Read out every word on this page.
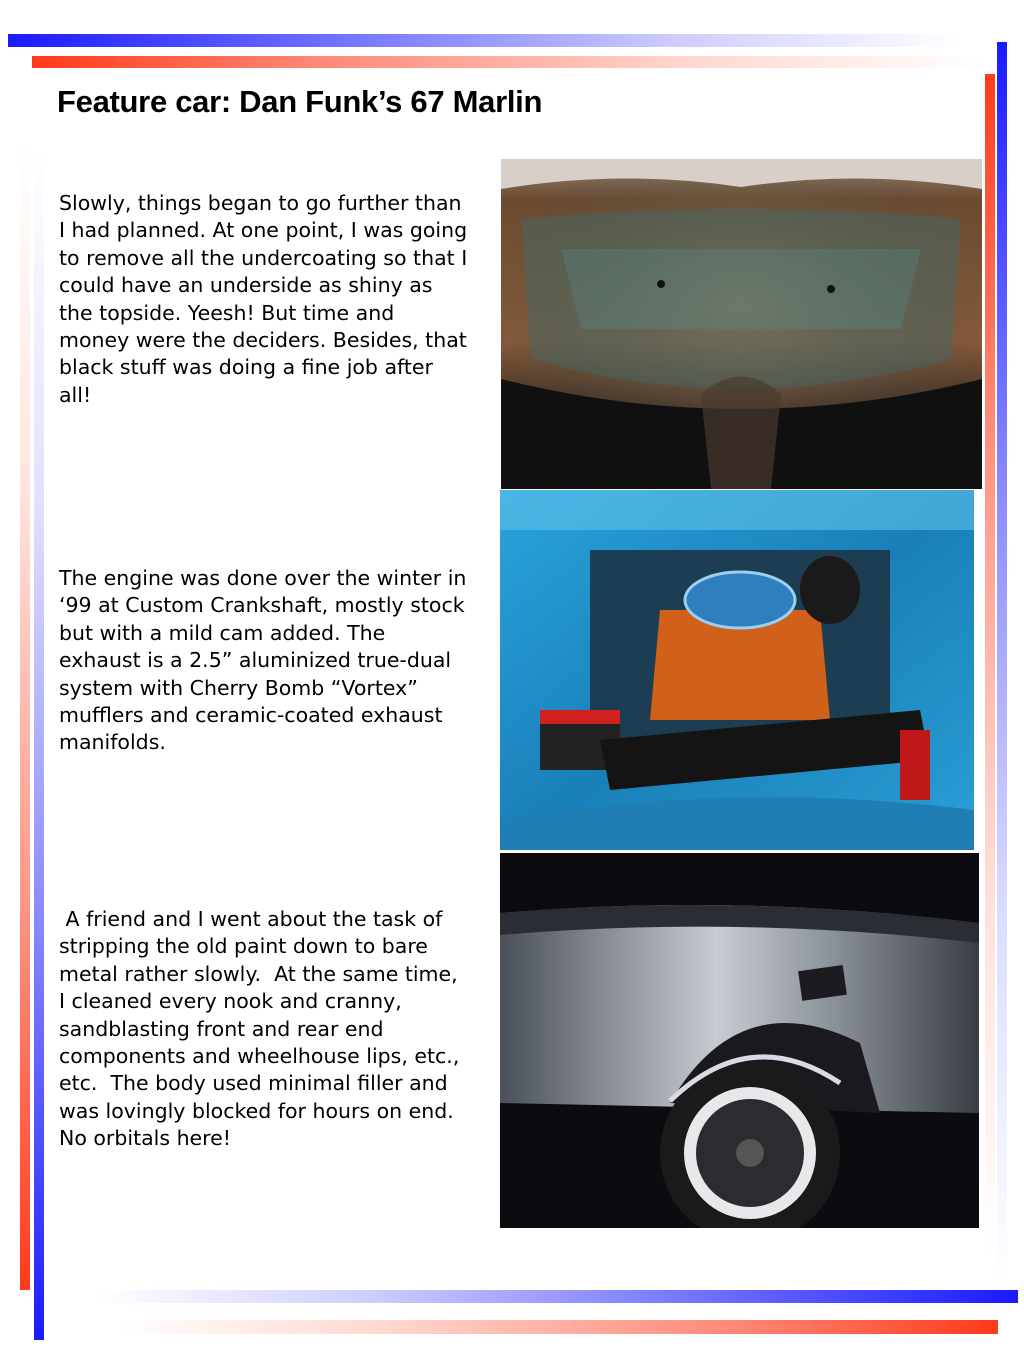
Feature car: Dan Funk’s 67 Marlin

Slowly, things began to go further than I had planned. At one point, I was going to remove all the undercoating so that I could have an underside as shiny as the topside. Yeesh! But time and money were the deciders. Besides, that black stuff was doing a fine job after all!

The engine was done over the winter in ‘99 at Custom Crankshaft, mostly stock but with a mild cam added. The exhaust is a 2.5” aluminized true-dual system with Cherry Bomb “Vortex” mufflers and ceramic-coated exhaust manifolds.

A friend and I went about the task of stripping the old paint down to bare metal rather slowly.  At the same time, I cleaned every nook and cranny, sandblasting front and rear end components and wheelhouse lips, etc., etc.  The body used minimal filler and was lovingly blocked for hours on end.  No orbitals here!
